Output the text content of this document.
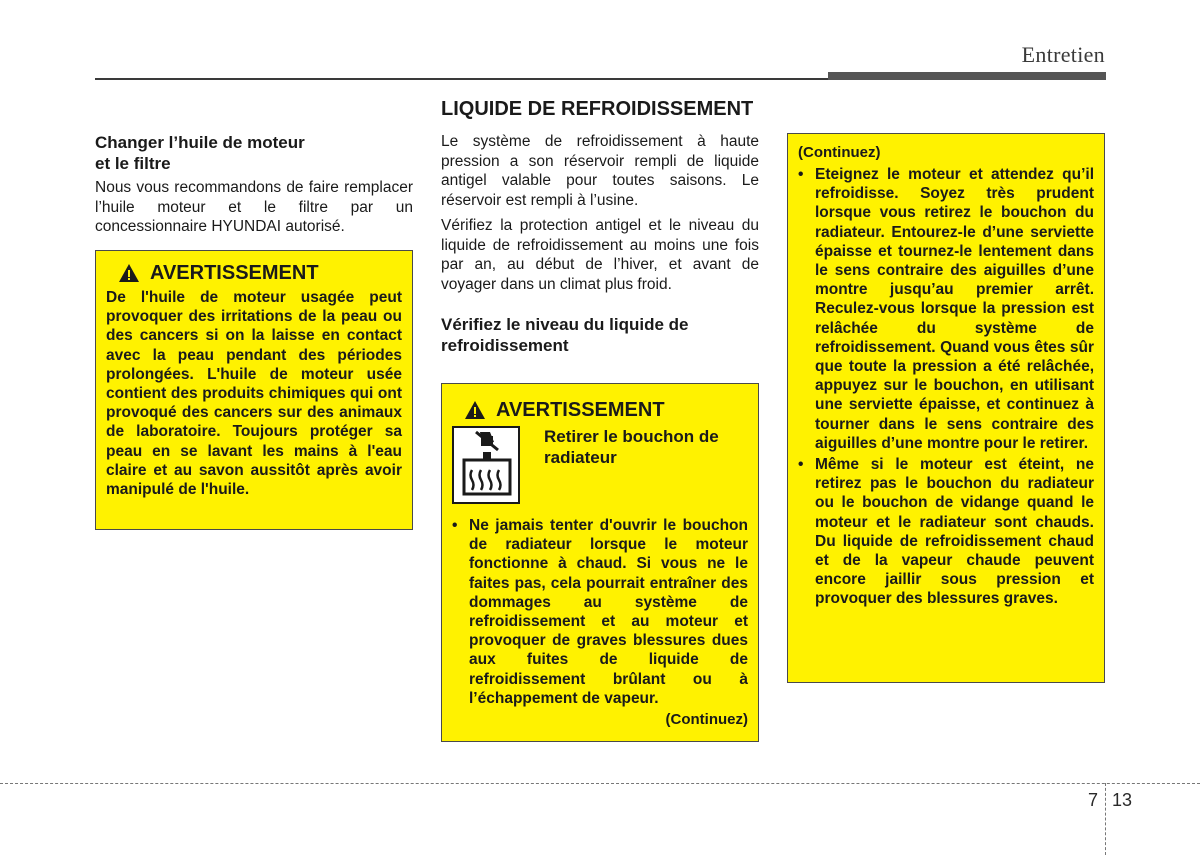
Entretien
LIQUIDE DE REFROIDISSEMENT
Changer l’huile de moteur
et le filtre
Nous vous recommandons de faire remplacer l’huile moteur et le filtre par un concessionnaire HYUNDAI autorisé.
AVERTISSEMENT
De l'huile de moteur usagée peut provoquer des irritations de la peau ou des cancers si on la laisse en contact avec la peau pendant des périodes prolongées. L'huile de moteur usée contient des produits chimiques qui ont provoqué des cancers sur des animaux de laboratoire. Toujours protéger sa peau en se lavant les mains à l'eau claire et au savon aussitôt après avoir manipulé de l'huile.
Le système de refroidissement à haute pression a son réservoir rempli de liquide antigel valable pour toutes saisons. Le réservoir est rempli à l’usine.
Vérifiez la protection antigel et le niveau du liquide de refroidissement au moins une fois par an, au début de l’hiver, et avant de voyager dans un climat plus froid.
Vérifiez le niveau du liquide de
refroidissement
AVERTISSEMENT
Retirer le bouchon de radiateur
• Ne jamais tenter d'ouvrir le bouchon de radiateur lorsque le moteur fonctionne à chaud. Si vous ne le faites pas, cela pourrait entraîner des dommages au système de refroidissement et au moteur et provoquer de graves blessures dues aux fuites de liquide de refroidissement brûlant ou à l’échappement de vapeur.
(Continuez)
(Continuez)
• Eteignez le moteur et attendez qu’il refroidisse. Soyez très prudent lorsque vous retirez le bouchon du radiateur. Entourez-le d’une serviette épaisse et tournez-le lentement dans le sens contraire des aiguilles d’une montre jusqu’au premier arrêt. Reculez-vous lorsque la pression est relâchée du système de refroidissement. Quand vous êtes sûr que toute la pression a été relâchée, appuyez sur le bouchon, en utilisant une serviette épaisse, et continuez à tourner dans le sens contraire des aiguilles d’une montre pour le retirer.
• Même si le moteur est éteint, ne retirez pas le bouchon du radiateur ou le bouchon de vidange quand le moteur et le radiateur sont chauds. Du liquide de refroidissement chaud et de la vapeur chaude peuvent encore jaillir sous pression et provoquer des blessures graves.
7 13
